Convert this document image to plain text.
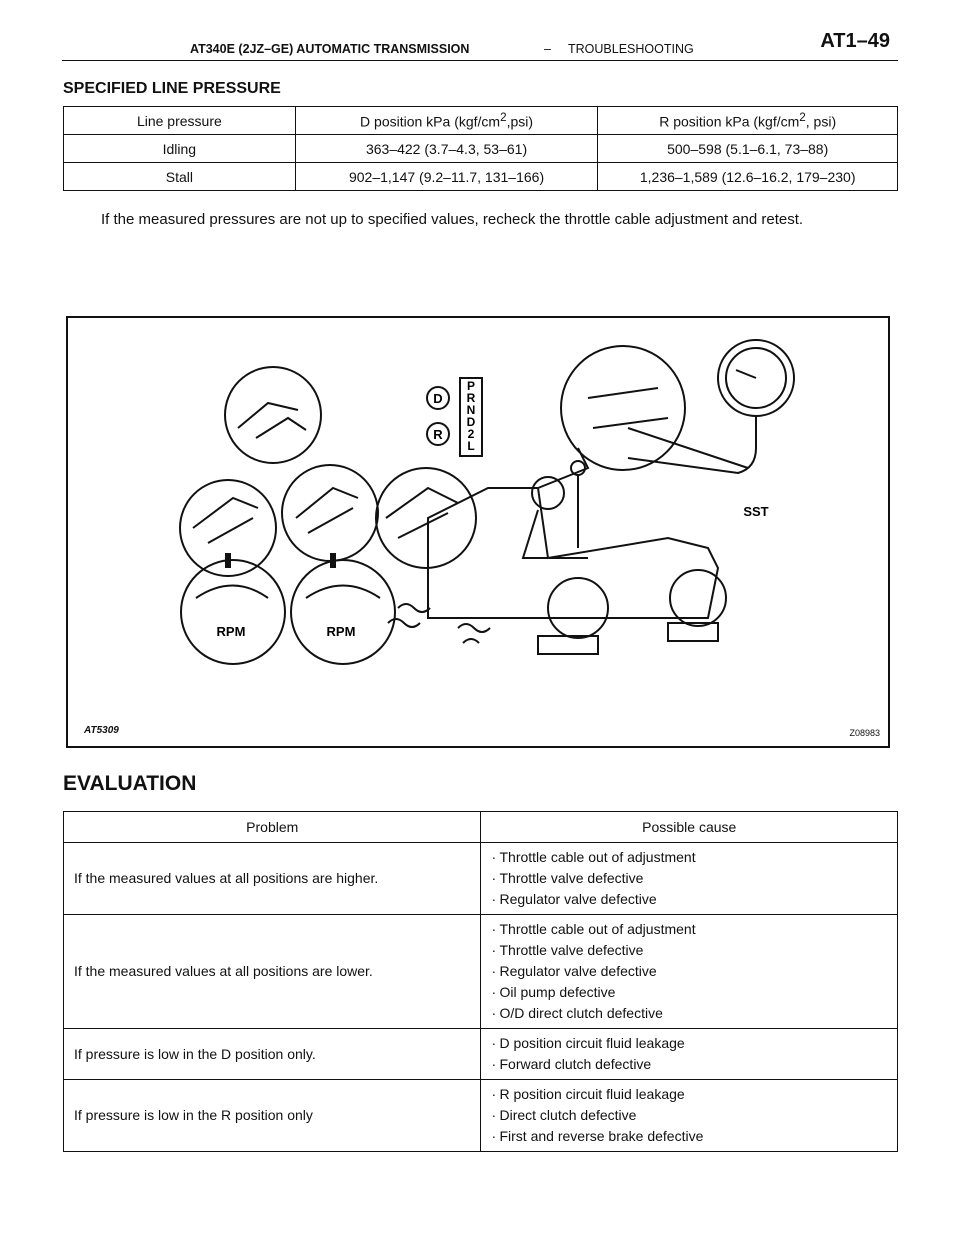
AT340E (2JZ–GE) AUTOMATIC TRANSMISSION	– TROUBLESHOOTING	AT1–49
SPECIFIED LINE PRESSURE
Line pressure	D position kPa $(kgf/cm^2,psi)$	R position kPa ($kgf/cm^2$, psi)
Idling	363–422 (3.7–4.3, 53–61)	500–598 (5.1–6.1, 73–88)
Stall	902–1,147 (9.2–11.7, 131–166)	1,236–1,589 (12.6–16.2, 179–230)
If the measured pressures are not up to specified values, recheck the throttle cable adjustment and retest.
RPM	RPM
SST
D
R
P
R
N
D
2
L
AT5309	Z08983
EVALUATION
Problem	Possible cause
If the measured values at all positions are higher.	· Throttle cable out of adjustment
· Throttle valve defective
· Regulator valve defective

If the measured values at all positions are lower.	· Throttle cable out of adjustment
· Throttle valve defective
· Regulator valve defective
· Oil pump defective
· O/D direct clutch defective

If pressure is low in the D position only.	· D position circuit fluid leakage
· Forward clutch defective

If pressure is low in the R position only	· R position circuit fluid leakage
· Direct clutch defective
· First and reverse brake defective
